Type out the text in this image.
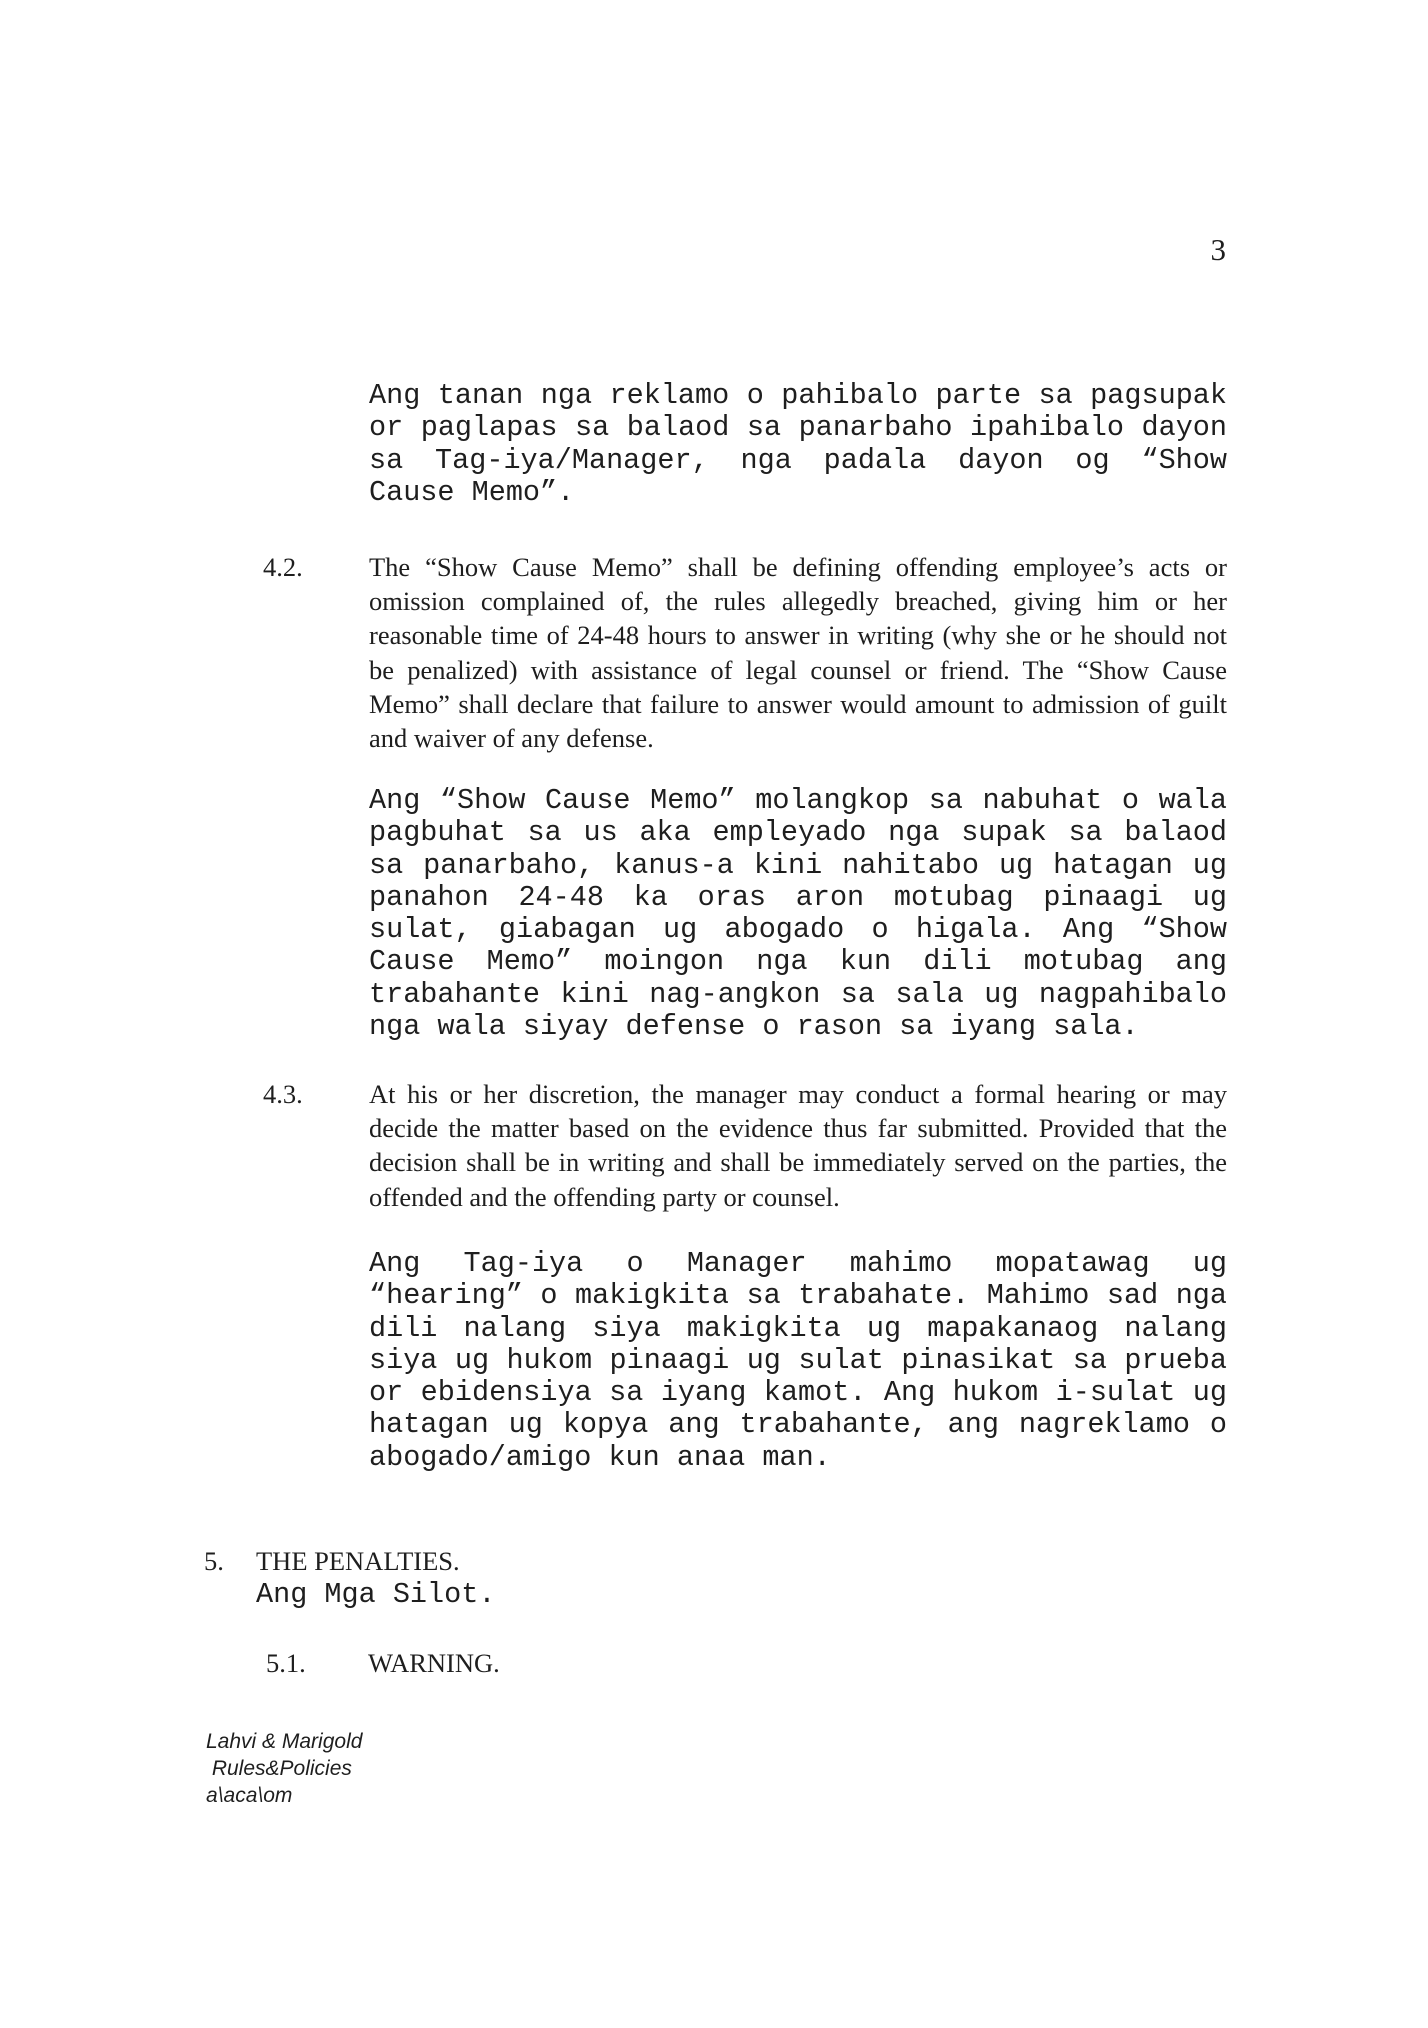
3

Ang tanan nga reklamo o pahibalo parte sa pagsupak or paglapas sa balaod sa panarbaho ipahibalo dayon sa Tag-iya/Manager, nga padala dayon og “Show Cause Memo”.

4.2.	The “Show Cause Memo” shall be defining offending employee’s acts or omission complained of, the rules allegedly breached, giving him or her reasonable time of 24-48 hours to answer in writing (why she or he should not be penalized) with assistance of legal counsel or friend. The “Show Cause Memo” shall declare that failure to answer would amount to admission of guilt and waiver of any defense.

Ang “Show Cause Memo” molangkop sa nabuhat o wala pagbuhat sa us aka empleyado nga supak sa balaod sa panarbaho, kanus-a kini nahitabo ug hatagan ug panahon 24-48 ka oras aron motubag pinaagi ug sulat, giabagan ug abogado o higala. Ang “Show Cause Memo” moingon nga kun dili motubag ang trabahante kini nag-angkon sa sala ug nagpahibalo nga wala siyay defense o rason sa iyang sala.

4.3.	At his or her discretion, the manager may conduct a formal hearing or may decide the matter based on the evidence thus far submitted. Provided that the decision shall be in writing and shall be immediately served on the parties, the offended and the offending party or counsel.

Ang Tag-iya o Manager mahimo mopatawag ug “hearing” o makigkita sa trabahate. Mahimo sad nga dili nalang siya makigkita ug mapakanaog nalang siya ug hukom pinaagi ug sulat pinasikat sa prueba or ebidensiya sa iyang kamot. Ang hukom i-sulat ug hatagan ug kopya ang trabahante, ang nagreklamo o abogado/amigo kun anaa man.

5. THE PENALTIES.
Ang Mga Silot.
5.1. WARNING.
Lahvi & Marigold
Rules&Policies
a\aca\om
